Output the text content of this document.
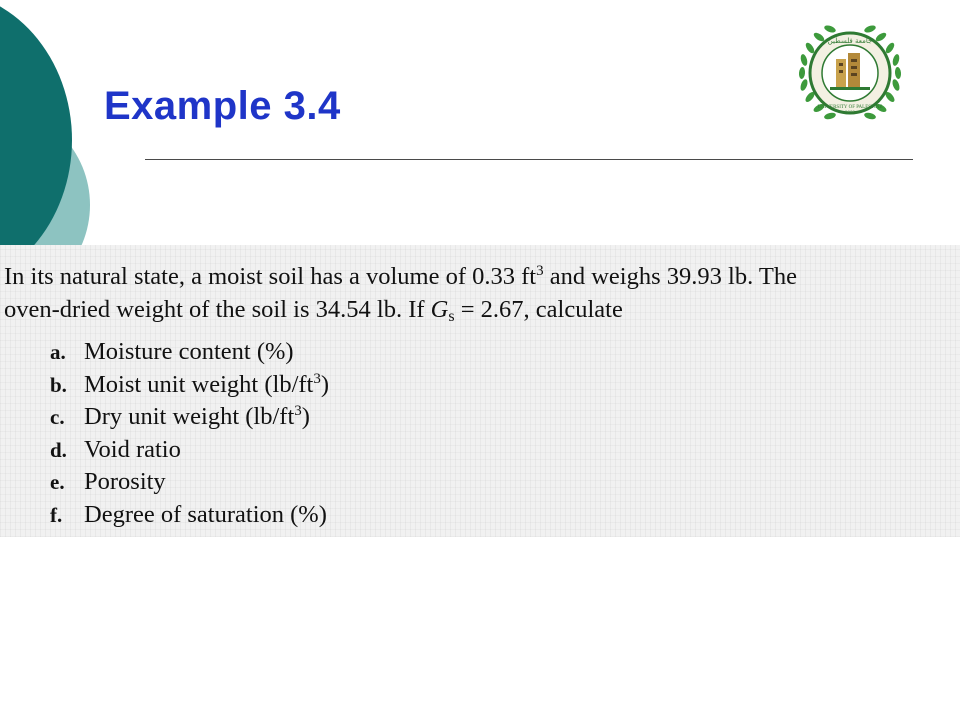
Example 3.4
جامعة فلسطين
UNIVERSITY OF PALESTINE
2003

In its natural state, a moist soil has a volume of 0.33 $ft^3$ and weighs 39.93 lb. The
oven-dried weight of the soil is 34.54 lb. If $G_s = 2.67$, calculate

a. Moisture content (%)
b. Moist unit weight $(lb/ft^3)$
c. Dry unit weight $(lb/ft^3)$
d. Void ratio
e. Porosity
f. Degree of saturation (%)
